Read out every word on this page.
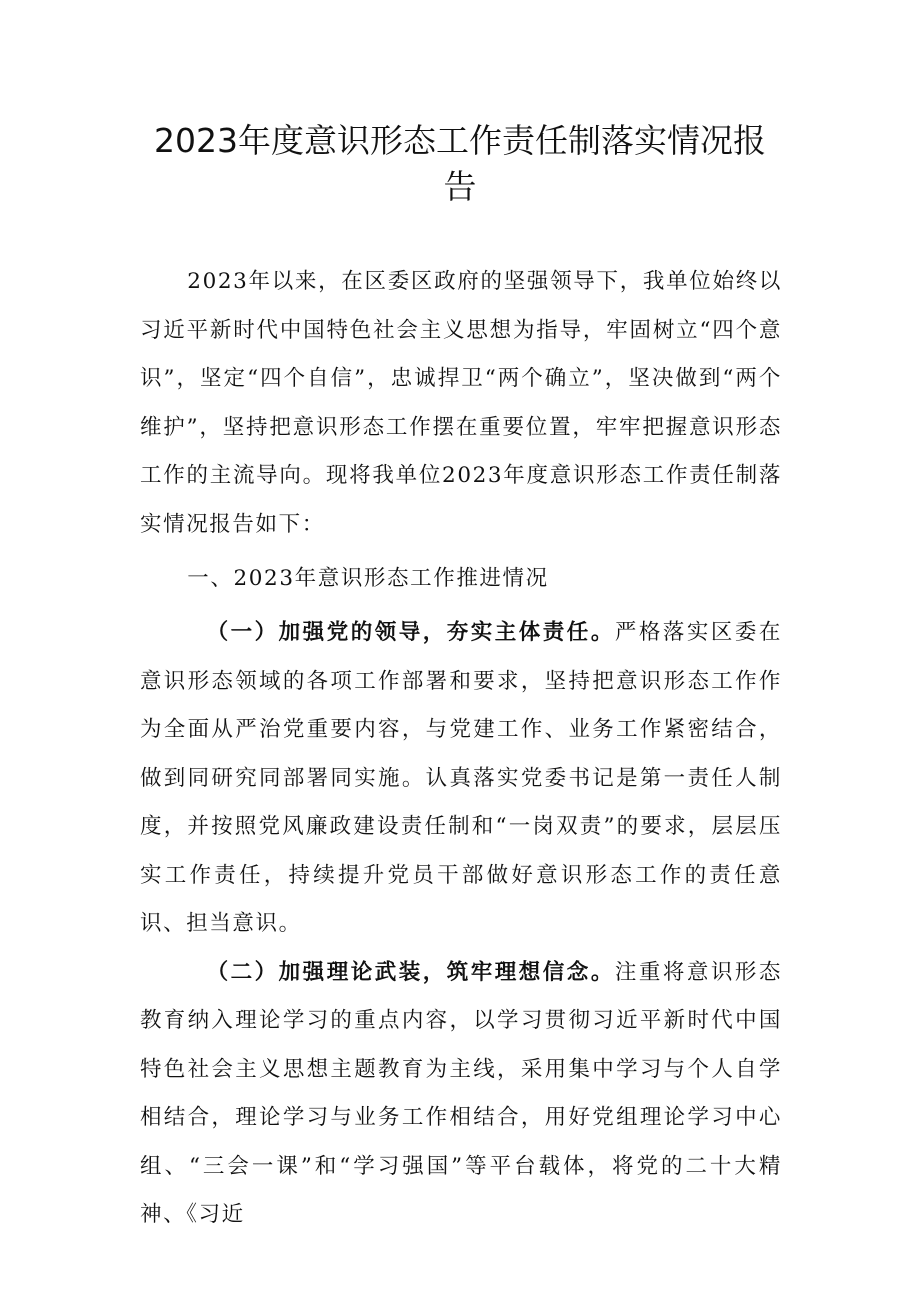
2023年度意识形态工作责任制落实情况报
告

2023年以来，在区委区政府的坚强领导下，我单位始终以习近平新时代中国特色社会主义思想为指导，牢固树立“四个意识”，坚定“四个自信”，忠诚捍卫“两个确立”，坚决做到“两个维护”，坚持把意识形态工作摆在重要位置，牢牢把握意识形态工作的主流导向。现将我单位2023年度意识形态工作责任制落实情况报告如下：

一、2023年意识形态工作推进情况

（一）加强党的领导，夯实主体责任。严格落实区委在意识形态领域的各项工作部署和要求，坚持把意识形态工作作为全面从严治党重要内容，与党建工作、业务工作紧密结合，做到同研究同部署同实施。认真落实党委书记是第一责任人制度，并按照党风廉政建设责任制和“一岗双责”的要求，层层压实工作责任，持续提升党员干部做好意识形态工作的责任意识、担当意识。

（二）加强理论武装，筑牢理想信念。注重将意识形态教育纳入理论学习的重点内容，以学习贯彻习近平新时代中国特色社会主义思想主题教育为主线，采用集中学习与个人自学相结合，理论学习与业务工作相结合，用好党组理论学习中心组、“三会一课”和“学习强国”等平台载体，将党的二十大精神、《习近
